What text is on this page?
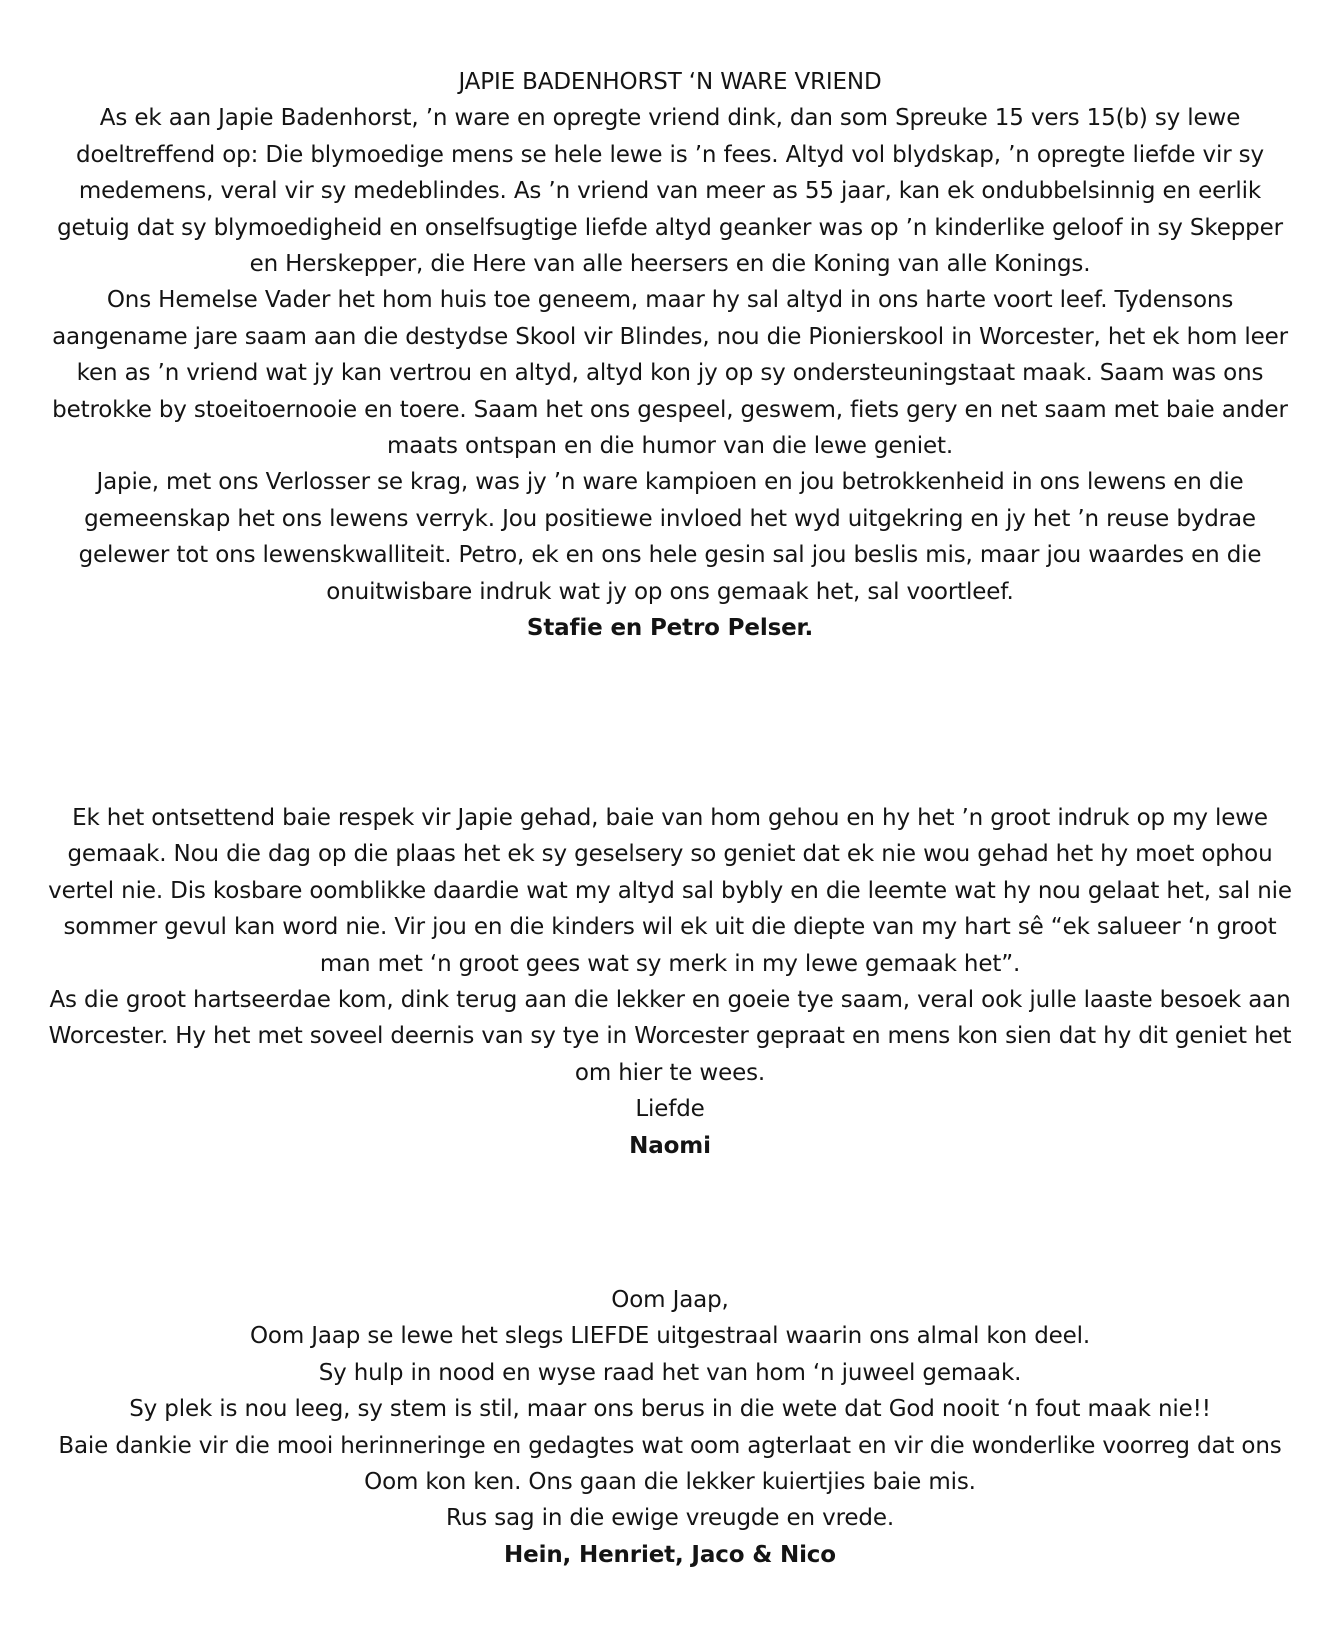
JAPIE BADENHORST ‘N WARE VRIEND

As ek aan Japie Badenhorst, ’n ware en opregte vriend dink, dan som Spreuke 15 vers 15(b) sy lewe doeltreffend op: Die blymoedige mens se hele lewe is ’n fees. Altyd vol blydskap, ’n opregte liefde vir sy medemens, veral vir sy medeblindes. As ’n vriend van meer as 55 jaar, kan ek ondubbelsinnig en eerlik getuig dat sy blymoedigheid en onselfsugtige liefde altyd geanker was op ’n kinderlike geloof in sy Skepper en Herskepper, die Here van alle heersers en die Koning van alle Konings.

Ons Hemelse Vader het hom huis toe geneem, maar hy sal altyd in ons harte voort leef. Tydensons aangename jare saam aan die destydse Skool vir Blindes, nou die Pionierskool in Worcester, het ek hom leer ken as ’n vriend wat jy kan vertrou en altyd, altyd kon jy op sy ondersteuningstaat maak. Saam was ons betrokke by stoeitoernooie en toere. Saam het ons gespeel, geswem, fiets gery en net saam met baie ander maats ontspan en die humor van die lewe geniet.

Japie, met ons Verlosser se krag, was jy ’n ware kampioen en jou betrokkenheid in ons lewens en die gemeenskap het ons lewens verryk. Jou positiewe invloed het wyd uitgekring en jy het ’n reuse bydrae gelewer tot ons lewenskwalliteit. Petro, ek en ons hele gesin sal jou beslis mis, maar jou waardes en die onuitwisbare indruk wat jy op ons gemaak het, sal voortleef.

Stafie en Petro Pelser.

Ek het ontsettend baie respek vir Japie gehad, baie van hom gehou en hy het ’n groot indruk op my lewe gemaak. Nou die dag op die plaas het ek sy geselsery so geniet dat ek nie wou gehad het hy moet ophou vertel nie. Dis kosbare oomblikke daardie wat my altyd sal bybly en die leemte wat hy nou gelaat het, sal nie sommer gevul kan word nie. Vir jou en die kinders wil ek uit die diepte van my hart sê “ek salueer ‘n groot man met ‘n groot gees wat sy merk in my lewe gemaak het”.

As die groot hartseerdae kom, dink terug aan die lekker en goeie tye saam, veral ook julle laaste besoek aan Worcester. Hy het met soveel deernis van sy tye in Worcester gepraat en mens kon sien dat hy dit geniet het om hier te wees.

Liefde

Naomi

Oom Jaap,

Oom Jaap se lewe het slegs LIEFDE uitgestraal waarin ons almal kon deel.

Sy hulp in nood en wyse raad het van hom ‘n juweel gemaak.

Sy plek is nou leeg, sy stem is stil, maar ons berus in die wete dat God nooit ‘n fout maak nie!!

Baie dankie vir die mooi herinneringe en gedagtes wat oom agterlaat en vir die wonderlike voorreg dat ons Oom kon ken. Ons gaan die lekker kuiertjies baie mis.

Rus sag in die ewige vreugde en vrede.

Hein, Henriet, Jaco & Nico
